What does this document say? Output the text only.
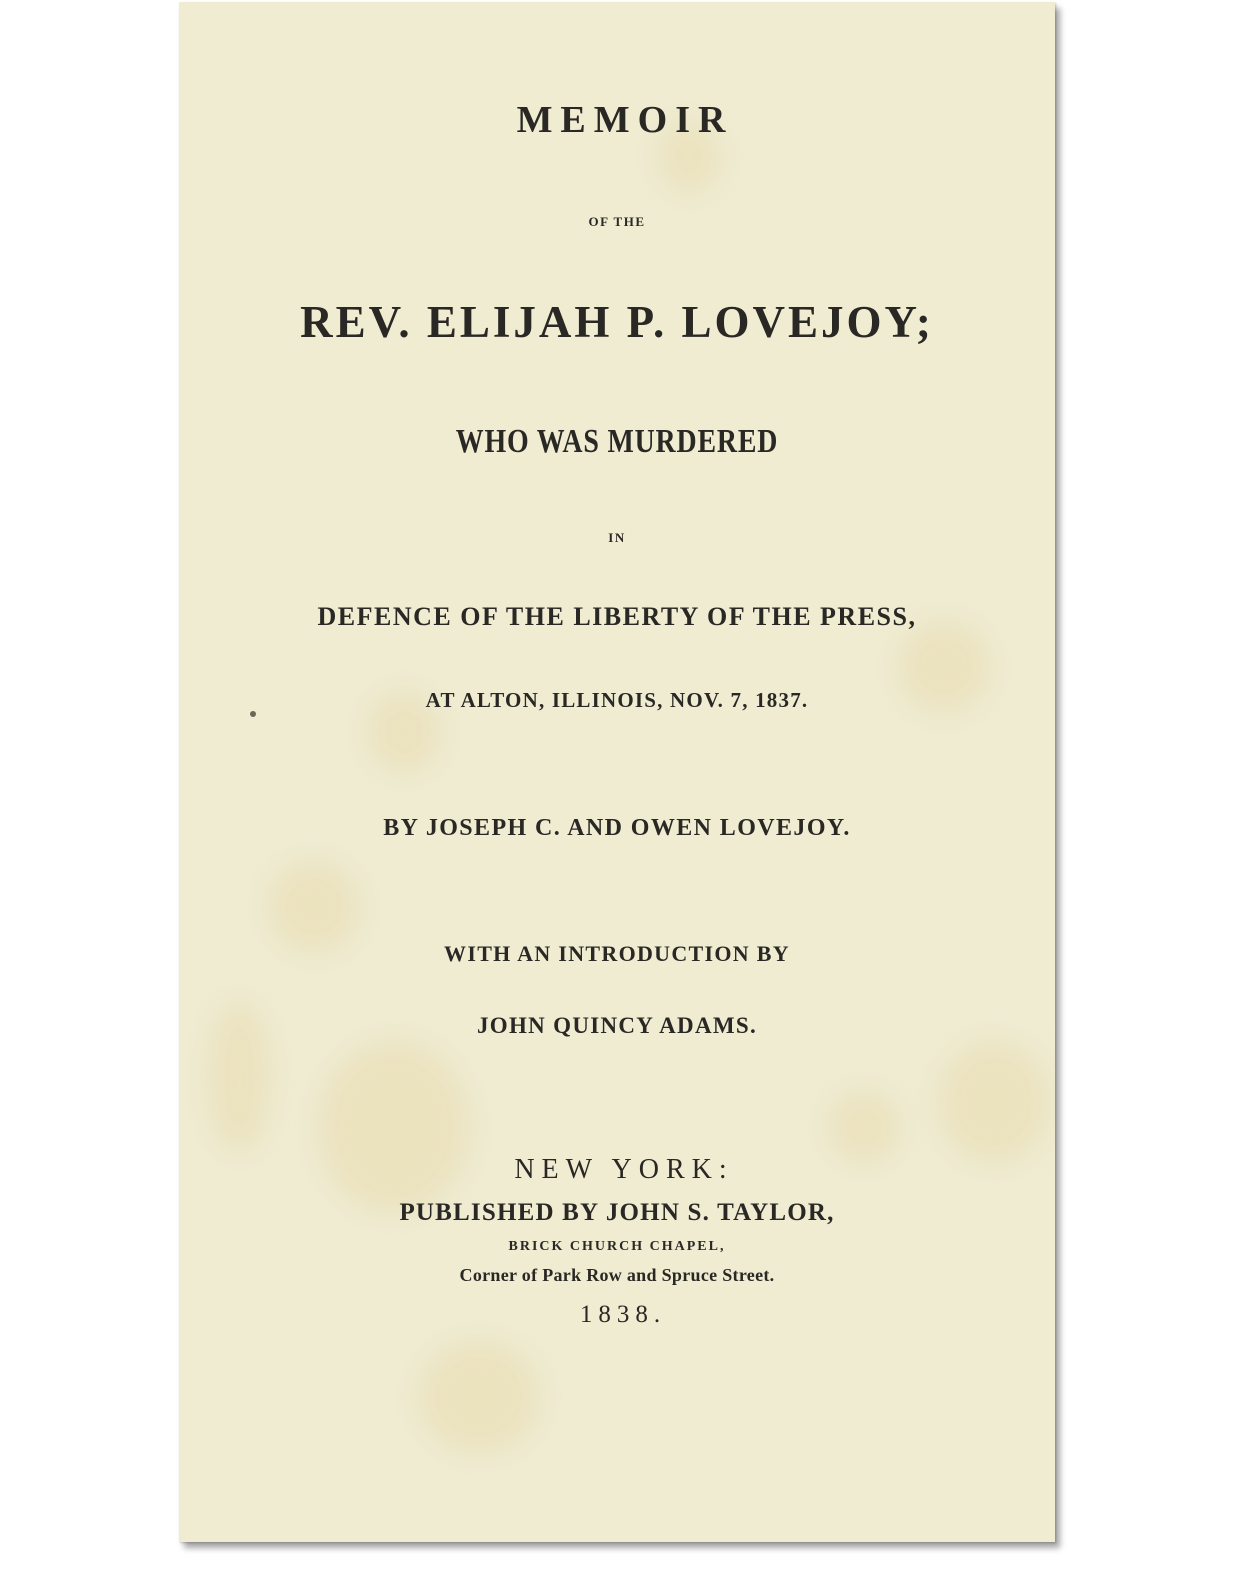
MEMOIR
OF THE
REV. ELIJAH P. LOVEJOY;
WHO WAS MURDERED
IN
DEFENCE OF THE LIBERTY OF THE PRESS,
AT ALTON, ILLINOIS, NOV. 7, 1837.
BY JOSEPH C. AND OWEN LOVEJOY.
WITH AN INTRODUCTION BY
JOHN QUINCY ADAMS.
NEW YORK:
PUBLISHED BY JOHN S. TAYLOR,
BRICK CHURCH CHAPEL,
Corner of Park Row and Spruce Street.
1838.
